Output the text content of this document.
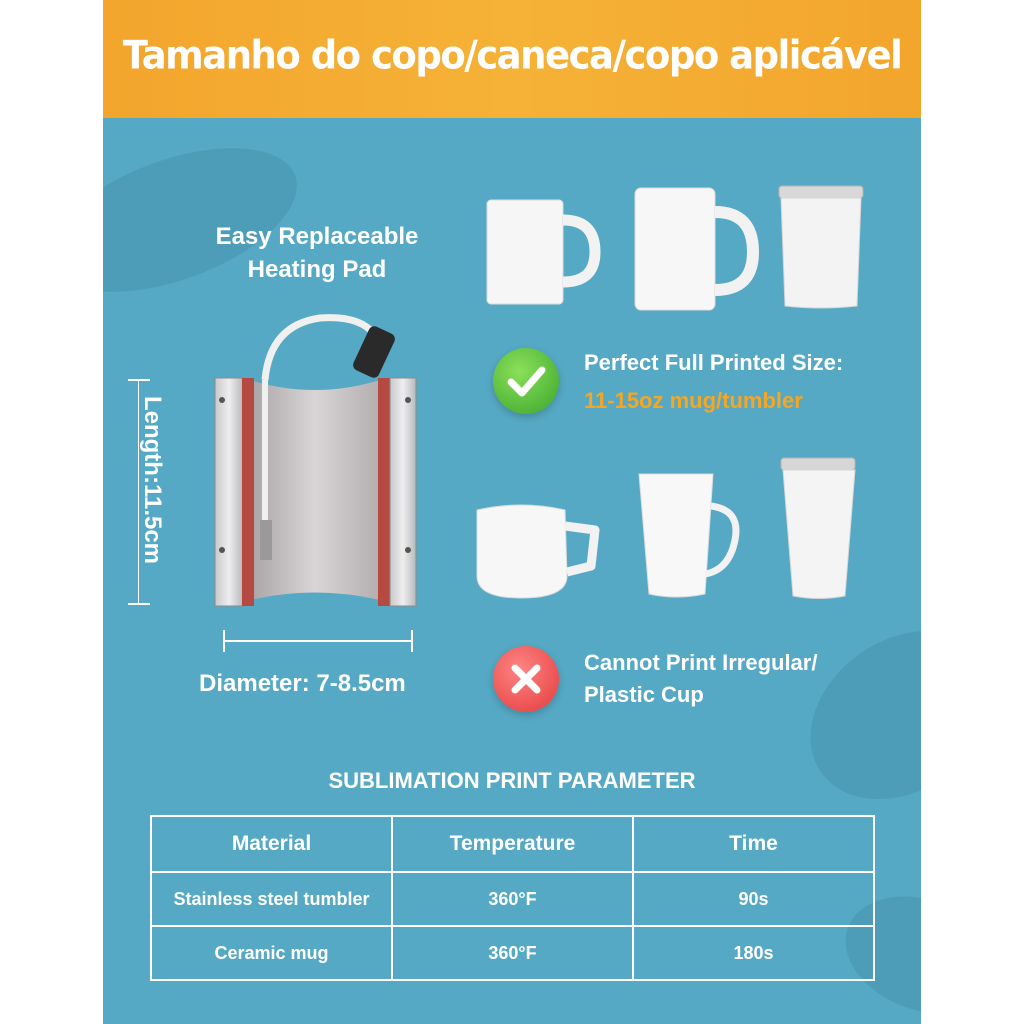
Tamanho do copo/caneca/copo aplicável
Easy Replaceable
Heating Pad
Length:11.5cm
Diameter: 7-8.5cm
Perfect Full Printed Size:
11-15oz mug/tumbler
Cannot Print Irregular/
Plastic Cup
SUBLIMATION PRINT PARAMETER
Material	Temperature	Time
Stainless steel tumbler	360°F	90s
Ceramic mug	360°F	180s
